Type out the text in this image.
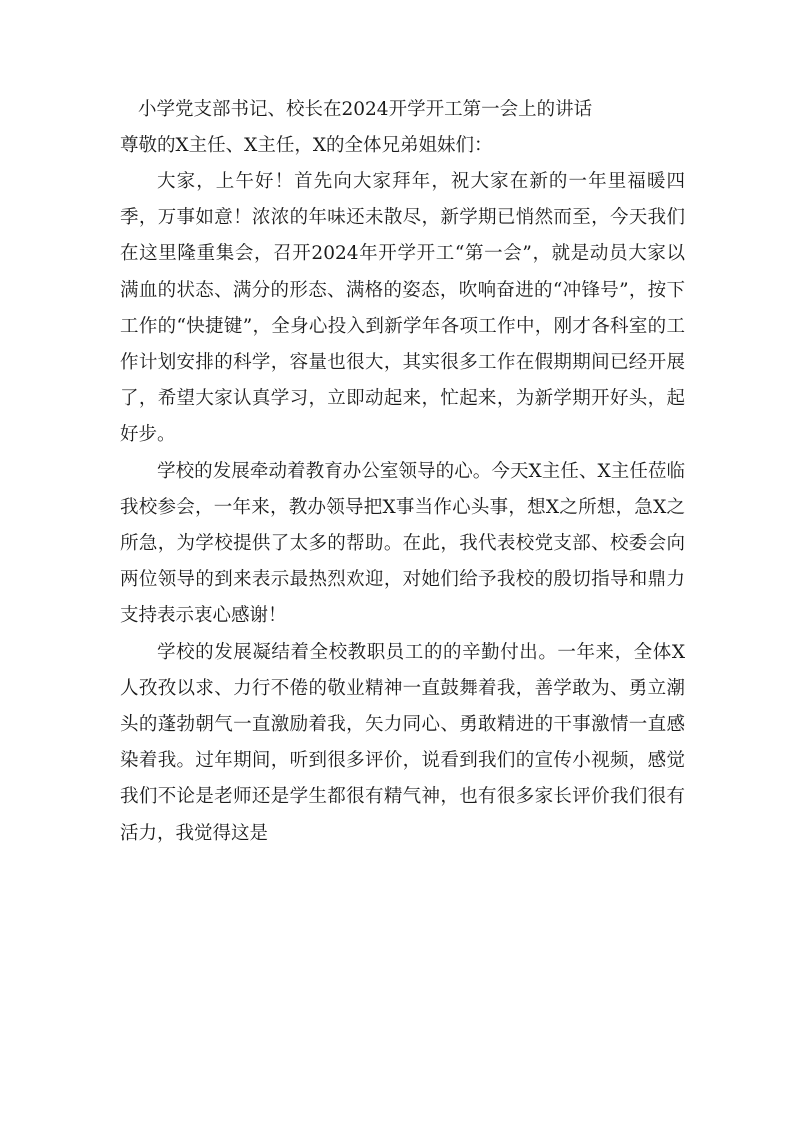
小学党支部书记、校长在2024开学开工第一会上的讲话
尊敬的X主任、X主任，X的全体兄弟姐妹们：

大家，上午好！首先向大家拜年，祝大家在新的一年里福暖四季，万事如意！浓浓的年味还未散尽，新学期已悄然而至，今天我们在这里隆重集会，召开2024年开学开工“第一会”，就是动员大家以满血的状态、满分的形态、满格的姿态，吹响奋进的“冲锋号”，按下工作的“快捷键”，全身心投入到新学年各项工作中，刚才各科室的工作计划安排的科学，容量也很大，其实很多工作在假期期间已经开展了，希望大家认真学习，立即动起来，忙起来，为新学期开好头，起好步。

学校的发展牵动着教育办公室领导的心。今天X主任、X主任莅临我校参会，一年来，教办领导把X事当作心头事，想X之所想，急X之所急，为学校提供了太多的帮助。在此，我代表校党支部、校委会向两位领导的到来表示最热烈欢迎，对她们给予我校的殷切指导和鼎力支持表示衷心感谢！

学校的发展凝结着全校教职员工的的辛勤付出。一年来，全体X人孜孜以求、力行不倦的敬业精神一直鼓舞着我，善学敢为、勇立潮头的蓬勃朝气一直激励着我，矢力同心、勇敢精进的干事激情一直感染着我。过年期间，听到很多评价，说看到我们的宣传小视频，感觉我们不论是老师还是学生都很有精气神，也有很多家长评价我们很有活力，我觉得这是
